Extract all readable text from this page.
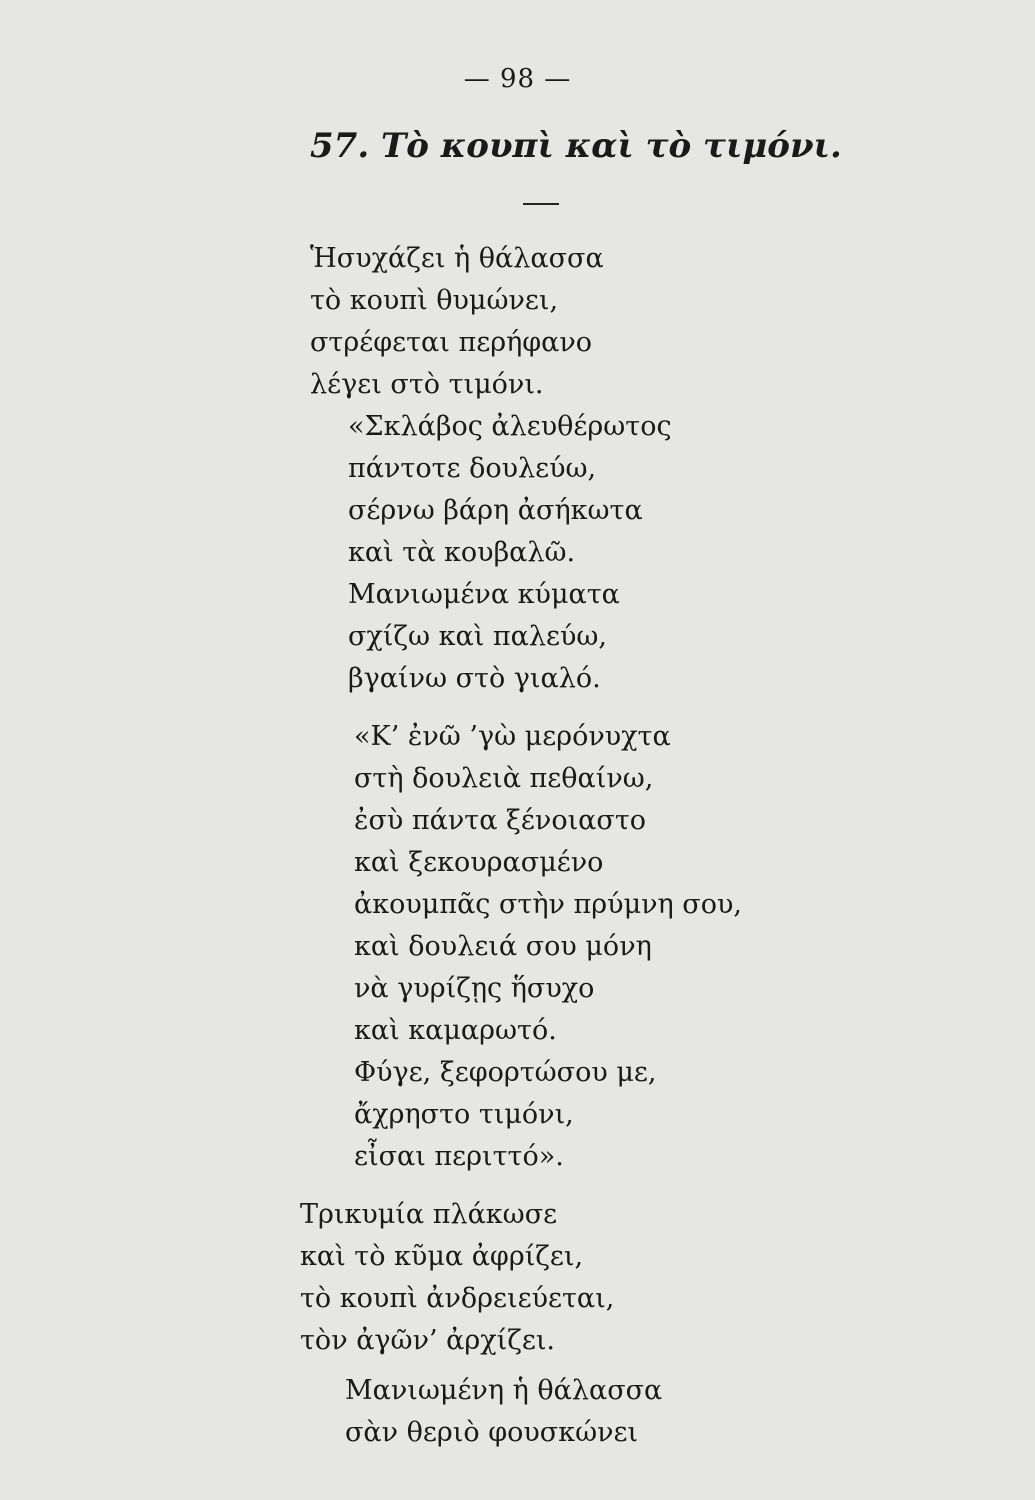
— 98 —
57. Τὸ κουπὶ καὶ τὸ τιμόνι.
Ἡσυχάζει ἡ θάλασσα
τὸ κουπὶ θυμώνει,
στρέφεται περήφανο
λέγει στὸ τιμόνι.
«Σκλάβος ἀλευθέρωτος
πάντοτε δουλεύω,
σέρνω βάρη ἀσήκωτα
καὶ τὰ κουβαλῶ.
Μανιωμένα κύματα
σχίζω καὶ παλεύω,
βγαίνω στὸ γιαλό.
«Κ’ ἐνῶ ’γὼ μερόνυχτα
στὴ δουλειὰ πεθαίνω,
ἐσὺ πάντα ξένοιαστο
καὶ ξεκουρασμένο
ἀκουμπᾶς στὴν πρύμνη σου,
καὶ δουλειά σου μόνη
νὰ γυρίζῃς ἥσυχο
καὶ καμαρωτό.
Φύγε, ξεφορτώσου με,
ἄχρηστο τιμόνι,
εἶσαι περιττό».
Τρικυμία πλάκωσε
καὶ τὸ κῦμα ἀφρίζει,
τὸ κουπὶ ἀνδρειεύεται,
τὸν ἀγῶν’ ἀρχίζει.
Μανιωμένη ἡ θάλασσα
σὰν θεριὸ φουσκώνει
